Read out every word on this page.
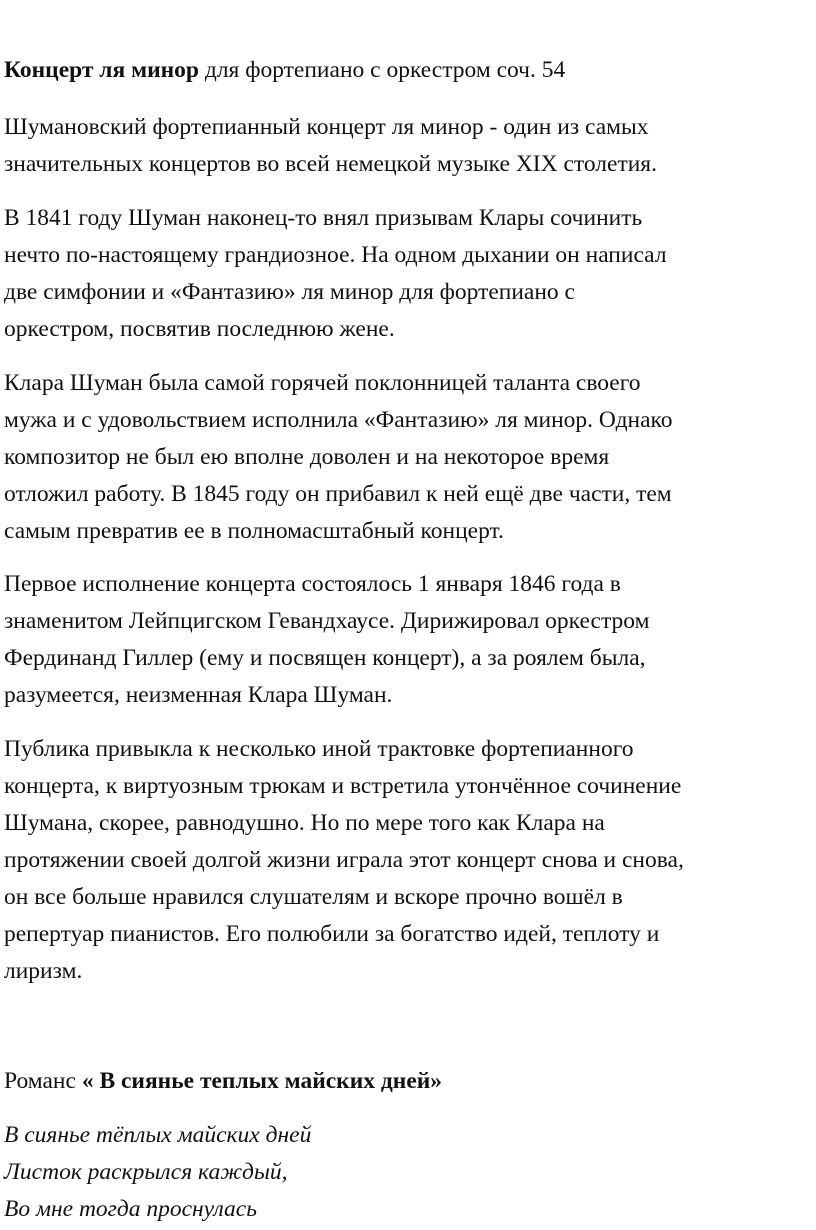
Концерт ля минор для фортепиано с оркестром соч. 54

Шумановский фортепианный концерт ля минор - один из самых
значительных концертов во всей немецкой музыке XIX столетия.

В 1841 году Шуман наконец-то внял призывам Клары сочинить
нечто по-настоящему грандиозное. На одном дыхании он написал
две симфонии и «Фантазию» ля минор для фортепиано с
оркестром, посвятив последнюю жене.

Клара Шуман была самой горячей поклонницей таланта своего
мужа и с удовольствием исполнила «Фантазию» ля минор. Однако
композитор не был ею вполне доволен и на некоторое время
отложил работу. В 1845 году он прибавил к ней ещё две части, тем
самым превратив ее в полномасштабный концерт.

Первое исполнение концерта состоялось 1 января 1846 года в
знаменитом Лейпцигском Гевандхаусе. Дирижировал оркестром
Фердинанд Гиллер (ему и посвящен концерт), а за роялем была,
разумеется, неизменная Клара Шуман.

Публика привыкла к несколько иной трактовке фортепианного
концерта, к виртуозным трюкам и встретила утончённое сочинение
Шумана, скорее, равнодушно. Но по мере того как Клара на
протяжении своей долгой жизни играла этот концерт снова и снова,
он все больше нравился слушателям и вскоре прочно вошёл в
репертуар пианистов. Его полюбили за богатство идей, теплоту и
лиризм.

Романс « В сиянье теплых майских дней»

В сиянье тёплых майских дней
Листок раскрылся каждый,
Во мне тогда проснулась
